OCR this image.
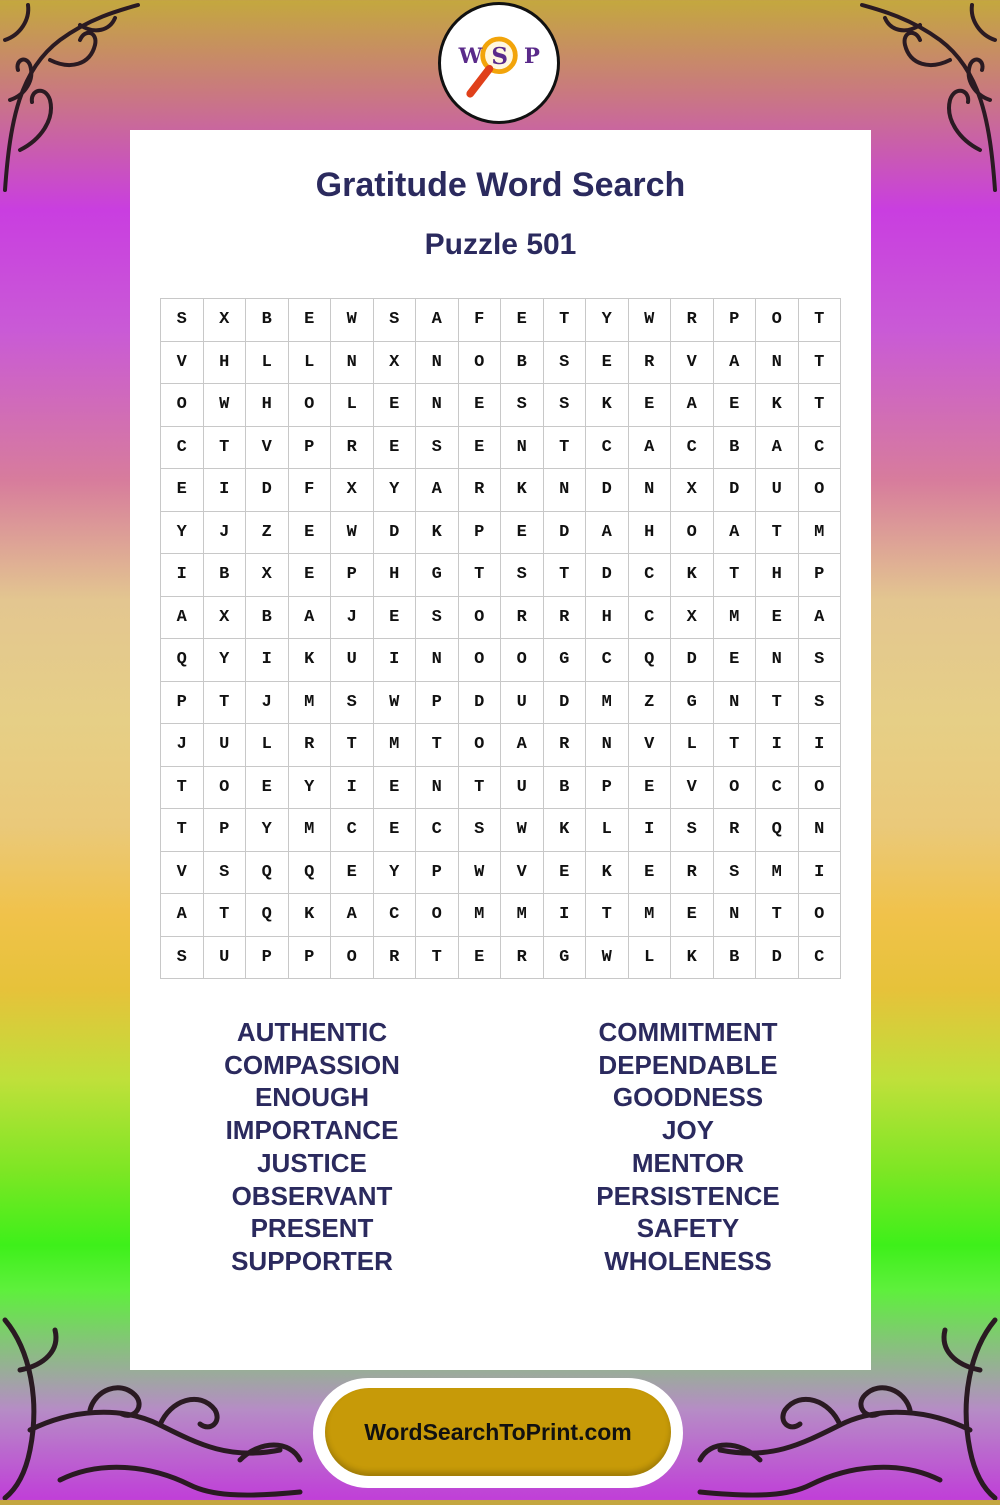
W S P
Gratitude Word Search
Puzzle 501
S	X	B	E	W	S	A	F	E	T	Y	W	R	P	O	T
V	H	L	L	N	X	N	O	B	S	E	R	V	A	N	T
O	W	H	O	L	E	N	E	S	S	K	E	A	E	K	T
C	T	V	P	R	E	S	E	N	T	C	A	C	B	A	C
E	I	D	F	X	Y	A	R	K	N	D	N	X	D	U	O
Y	J	Z	E	W	D	K	P	E	D	A	H	O	A	T	M
I	B	X	E	P	H	G	T	S	T	D	C	K	T	H	P
A	X	B	A	J	E	S	O	R	R	H	C	X	M	E	A
Q	Y	I	K	U	I	N	O	O	G	C	Q	D	E	N	S
P	T	J	M	S	W	P	D	U	D	M	Z	G	N	T	S
J	U	L	R	T	M	T	O	A	R	N	V	L	T	I	I
T	O	E	Y	I	E	N	T	U	B	P	E	V	O	C	O
T	P	Y	M	C	E	C	S	W	K	L	I	S	R	Q	N
V	S	Q	Q	E	Y	P	W	V	E	K	E	R	S	M	I
A	T	Q	K	A	C	O	M	M	I	T	M	E	N	T	O
S	U	P	P	O	R	T	E	R	G	W	L	K	B	D	C
AUTHENTIC
COMPASSION
ENOUGH
IMPORTANCE
JUSTICE
OBSERVANT
PRESENT
SUPPORTER
COMMITMENT
DEPENDABLE
GOODNESS
JOY
MENTOR
PERSISTENCE
SAFETY
WHOLENESS
WordSearchToPrint.com
